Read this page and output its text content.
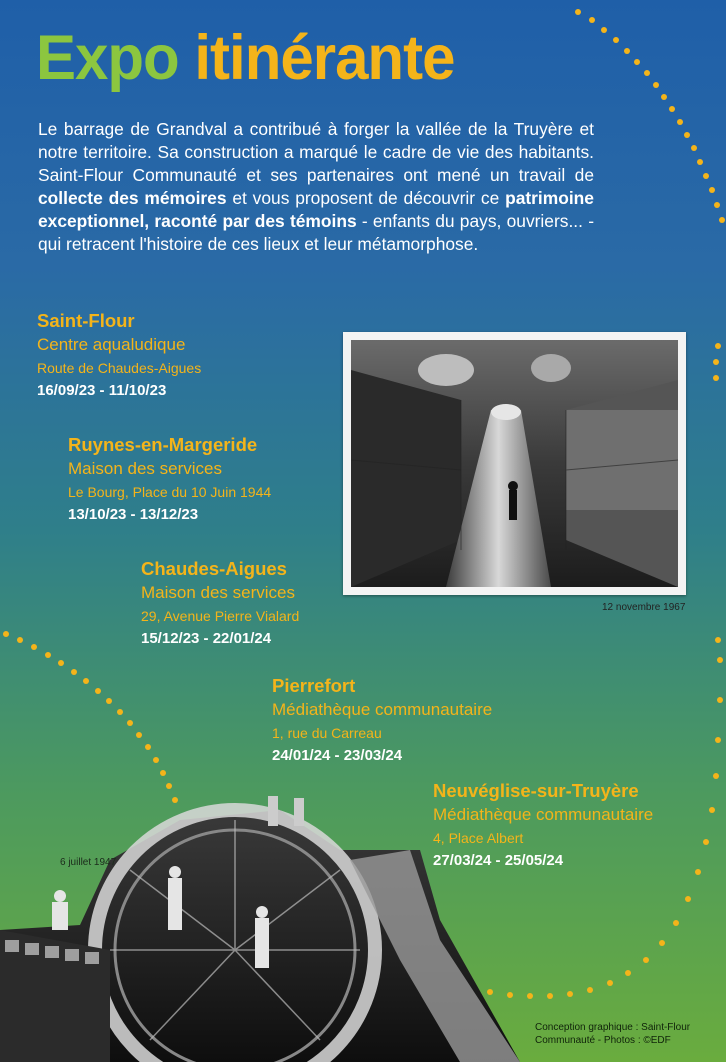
Expo itinérante

Le barrage de Grandval a contribué à forger la vallée de la Truyère et notre territoire. Sa construction a marqué le cadre de vie des habitants. Saint-Flour Communauté et ses partenaires ont mené un travail de collecte des mémoires et vous proposent de découvrir ce patrimoine exceptionnel, raconté par des témoins - enfants du pays, ouvriers... - qui retracent l'histoire de ces lieux et leur métamorphose.

12 novembre 1967
Saint-Flour
Centre aqualudique
Route de Chaudes-Aigues
16/09/23 - 11/10/23
Ruynes-en-Margeride
Maison des services
Le Bourg, Place du 10 Juin 1944
13/10/23 - 13/12/23
Chaudes-Aigues
Maison des services
29, Avenue Pierre Vialard
15/12/23 - 22/01/24
Pierrefort
Médiathèque communautaire
1, rue du Carreau
24/01/24 - 23/03/24
Neuvéglise-sur-Truyère
Médiathèque communautaire
4, Place Albert
27/03/24 - 25/05/24
6 juillet 1947
Conception graphique : Saint-Flour
Communauté - Photos : ©EDF
